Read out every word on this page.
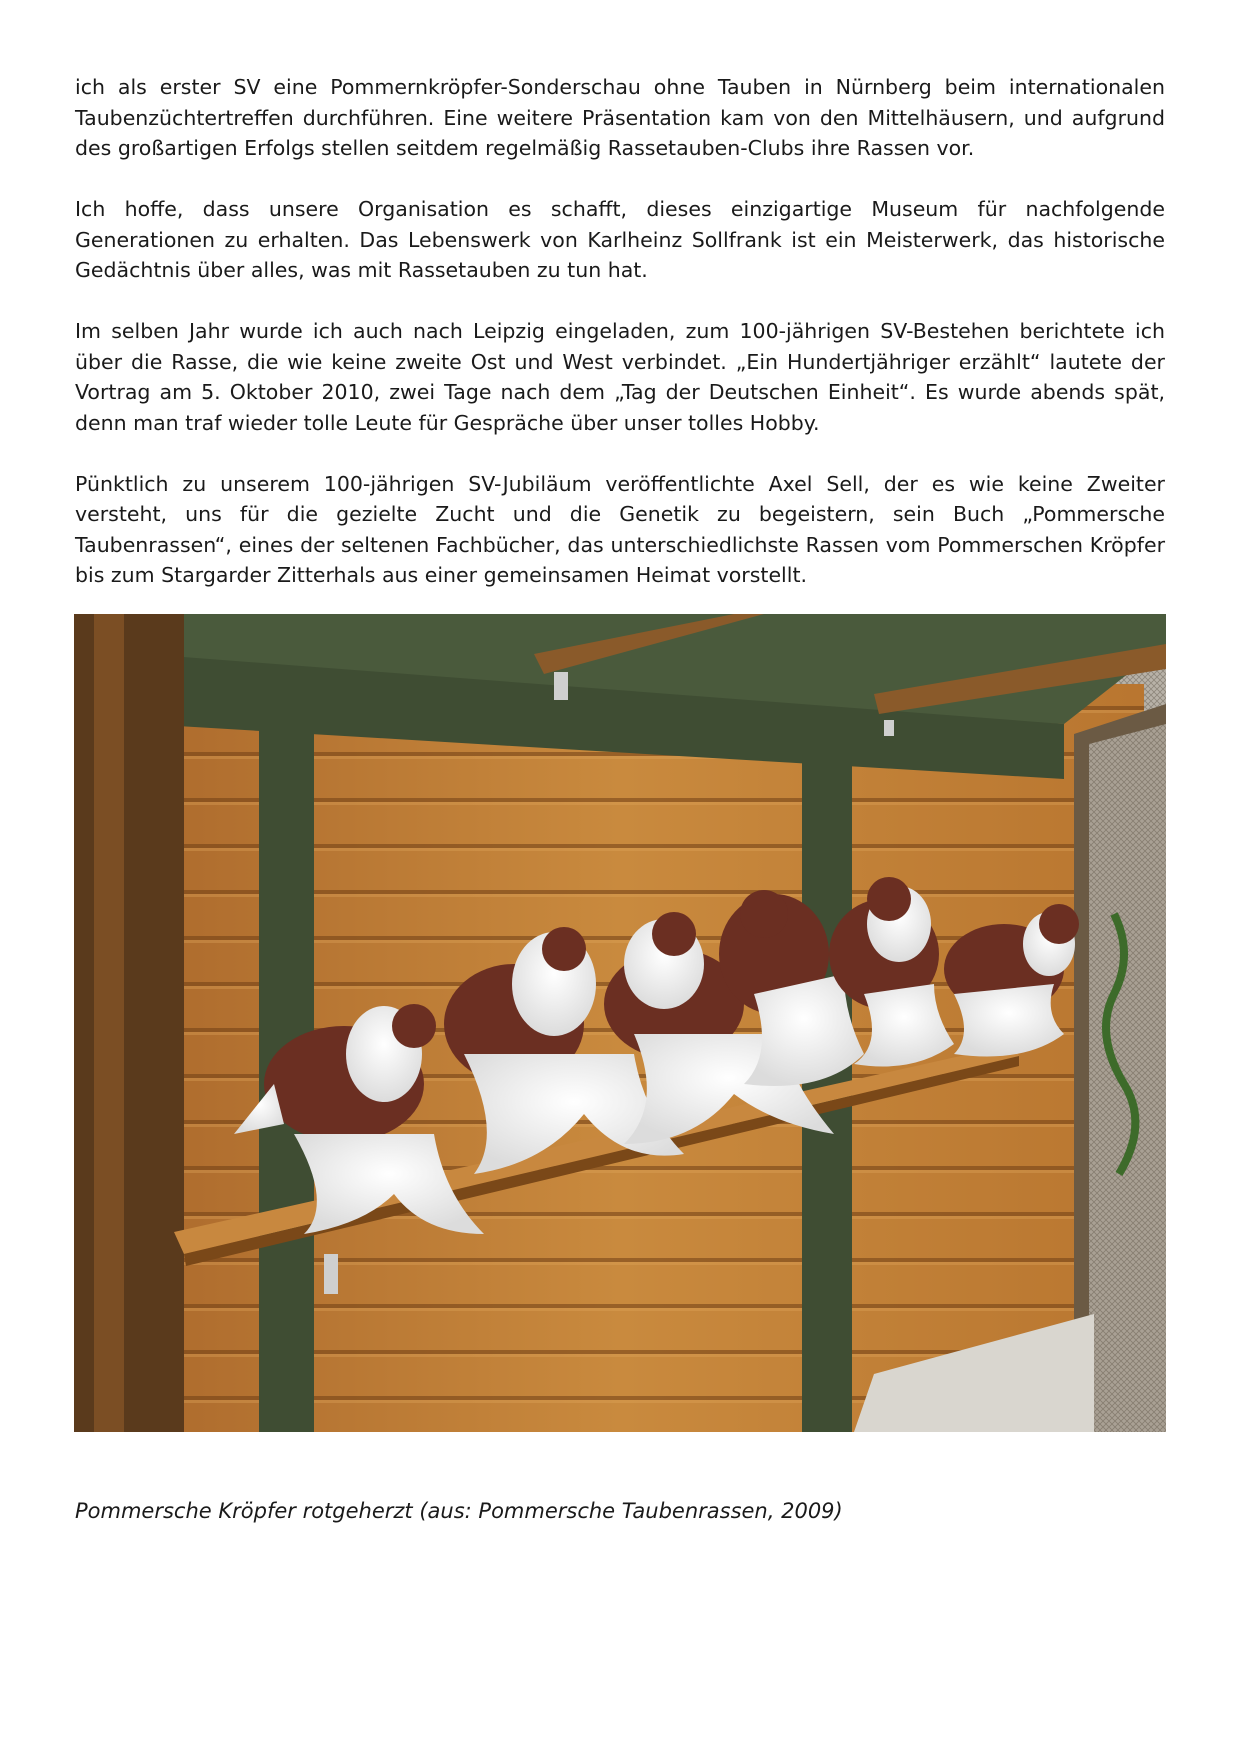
ich als erster SV eine Pommernkröpfer-Sonderschau ohne Tauben in Nürnberg beim internationalen Taubenzüchtertreffen durchführen. Eine weitere Präsentation kam von den Mittelhäusern, und aufgrund des großartigen Erfolgs stellen seitdem regelmäßig Rassetauben-Clubs ihre Rassen vor.

Ich hoffe, dass unsere Organisation es schafft, dieses einzigartige Museum für nachfolgende Generationen zu erhalten. Das Lebenswerk von Karlheinz Sollfrank ist ein Meisterwerk, das historische Gedächtnis über alles, was mit Rassetauben zu tun hat.

Im selben Jahr wurde ich auch nach Leipzig eingeladen, zum 100-jährigen SV-Bestehen berichtete ich über die Rasse, die wie keine zweite Ost und West verbindet. „Ein Hundertjähriger erzählt“ lautete der Vortrag am 5. Oktober 2010, zwei Tage nach dem „Tag der Deutschen Einheit“. Es wurde abends spät, denn man traf wieder tolle Leute für Gespräche über unser tolles Hobby.

Pünktlich zu unserem 100-jährigen SV-Jubiläum veröffentlichte Axel Sell, der es wie keine Zweiter versteht, uns für die gezielte Zucht und die Genetik zu begeistern, sein Buch „Pommersche Taubenrassen“, eines der seltenen Fachbücher, das unterschiedlichste Rassen vom Pommerschen Kröpfer bis zum Stargarder Zitterhals aus einer gemeinsamen Heimat vorstellt.

Pommersche Kröpfer rotgeherzt (aus: Pommersche Taubenrassen, 2009)
